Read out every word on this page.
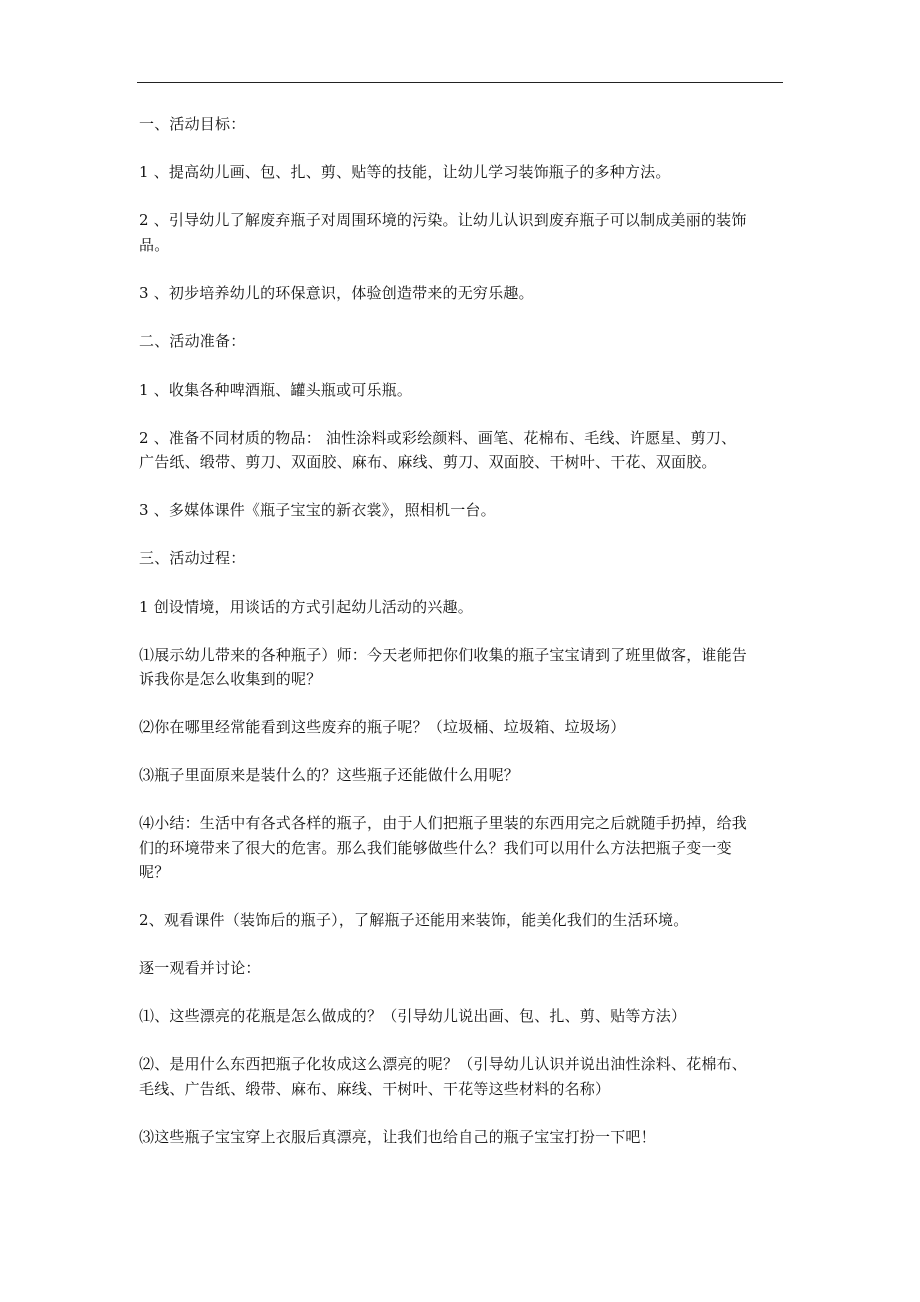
一、活动目标：
1 、提高幼儿画、包、扎、剪、贴等的技能，让幼儿学习装饰瓶子的多种方法。
2 、引导幼儿了解废弃瓶子对周围环境的污染。让幼儿认识到废弃瓶子可以制成美丽的装饰
品。
3 、初步培养幼儿的环保意识，体验创造带来的无穷乐趣。
二、活动准备：
1 、收集各种啤酒瓶、罐头瓶或可乐瓶。
2 、准备不同材质的物品： 油性涂料或彩绘颜料、画笔、花棉布、毛线、许愿星、剪刀、
广告纸、缎带、剪刀、双面胶、麻布、麻线、剪刀、双面胶、干树叶、干花、双面胶。
3 、多媒体课件《瓶子宝宝的新衣裳》，照相机一台。
三、活动过程：
1 创设情境，用谈话的方式引起幼儿活动的兴趣。
⑴展示幼儿带来的各种瓶子）师：今天老师把你们收集的瓶子宝宝请到了班里做客，谁能告
诉我你是怎么收集到的呢？
⑵你在哪里经常能看到这些废弃的瓶子呢？（垃圾桶、垃圾箱、垃圾场）
⑶瓶子里面原来是装什么的？这些瓶子还能做什么用呢？
⑷小结：生活中有各式各样的瓶子，由于人们把瓶子里装的东西用完之后就随手扔掉，给我
们的环境带来了很大的危害。那么我们能够做些什么？我们可以用什么方法把瓶子变一变
呢？
2、观看课件（装饰后的瓶子），了解瓶子还能用来装饰，能美化我们的生活环境。
逐一观看并讨论：
⑴、这些漂亮的花瓶是怎么做成的？（引导幼儿说出画、包、扎、剪、贴等方法）
⑵、是用什么东西把瓶子化妆成这么漂亮的呢？（引导幼儿认识并说出油性涂料、花棉布、
毛线、广告纸、缎带、麻布、麻线、干树叶、干花等这些材料的名称）
⑶这些瓶子宝宝穿上衣服后真漂亮，让我们也给自己的瓶子宝宝打扮一下吧！
